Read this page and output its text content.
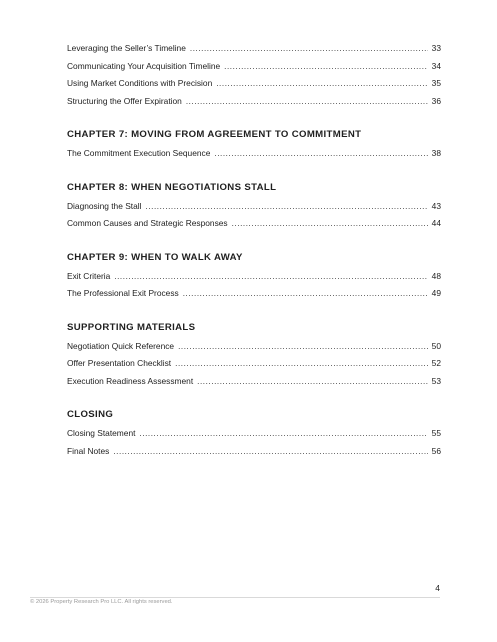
Leveraging the Seller’s Timeline .....	33
Communicating Your Acquisition Timeline .....	34
Using Market Conditions with Precision .....	35
Structuring the Offer Expiration .....	36
CHAPTER 7: MOVING FROM AGREEMENT TO COMMITMENT
The Commitment Execution Sequence .....	38
CHAPTER 8: WHEN NEGOTIATIONS STALL
Diagnosing the Stall .....	43
Common Causes and Strategic Responses .....	44
CHAPTER 9: WHEN TO WALK AWAY
Exit Criteria .....	48
The Professional Exit Process .....	49
SUPPORTING MATERIALS
Negotiation Quick Reference .....	50
Offer Presentation Checklist .....	52
Execution Readiness Assessment .....	53
CLOSING
Closing Statement .....	55
Final Notes .....	56
4
© 2026 Property Research Pro LLC. All rights reserved.
